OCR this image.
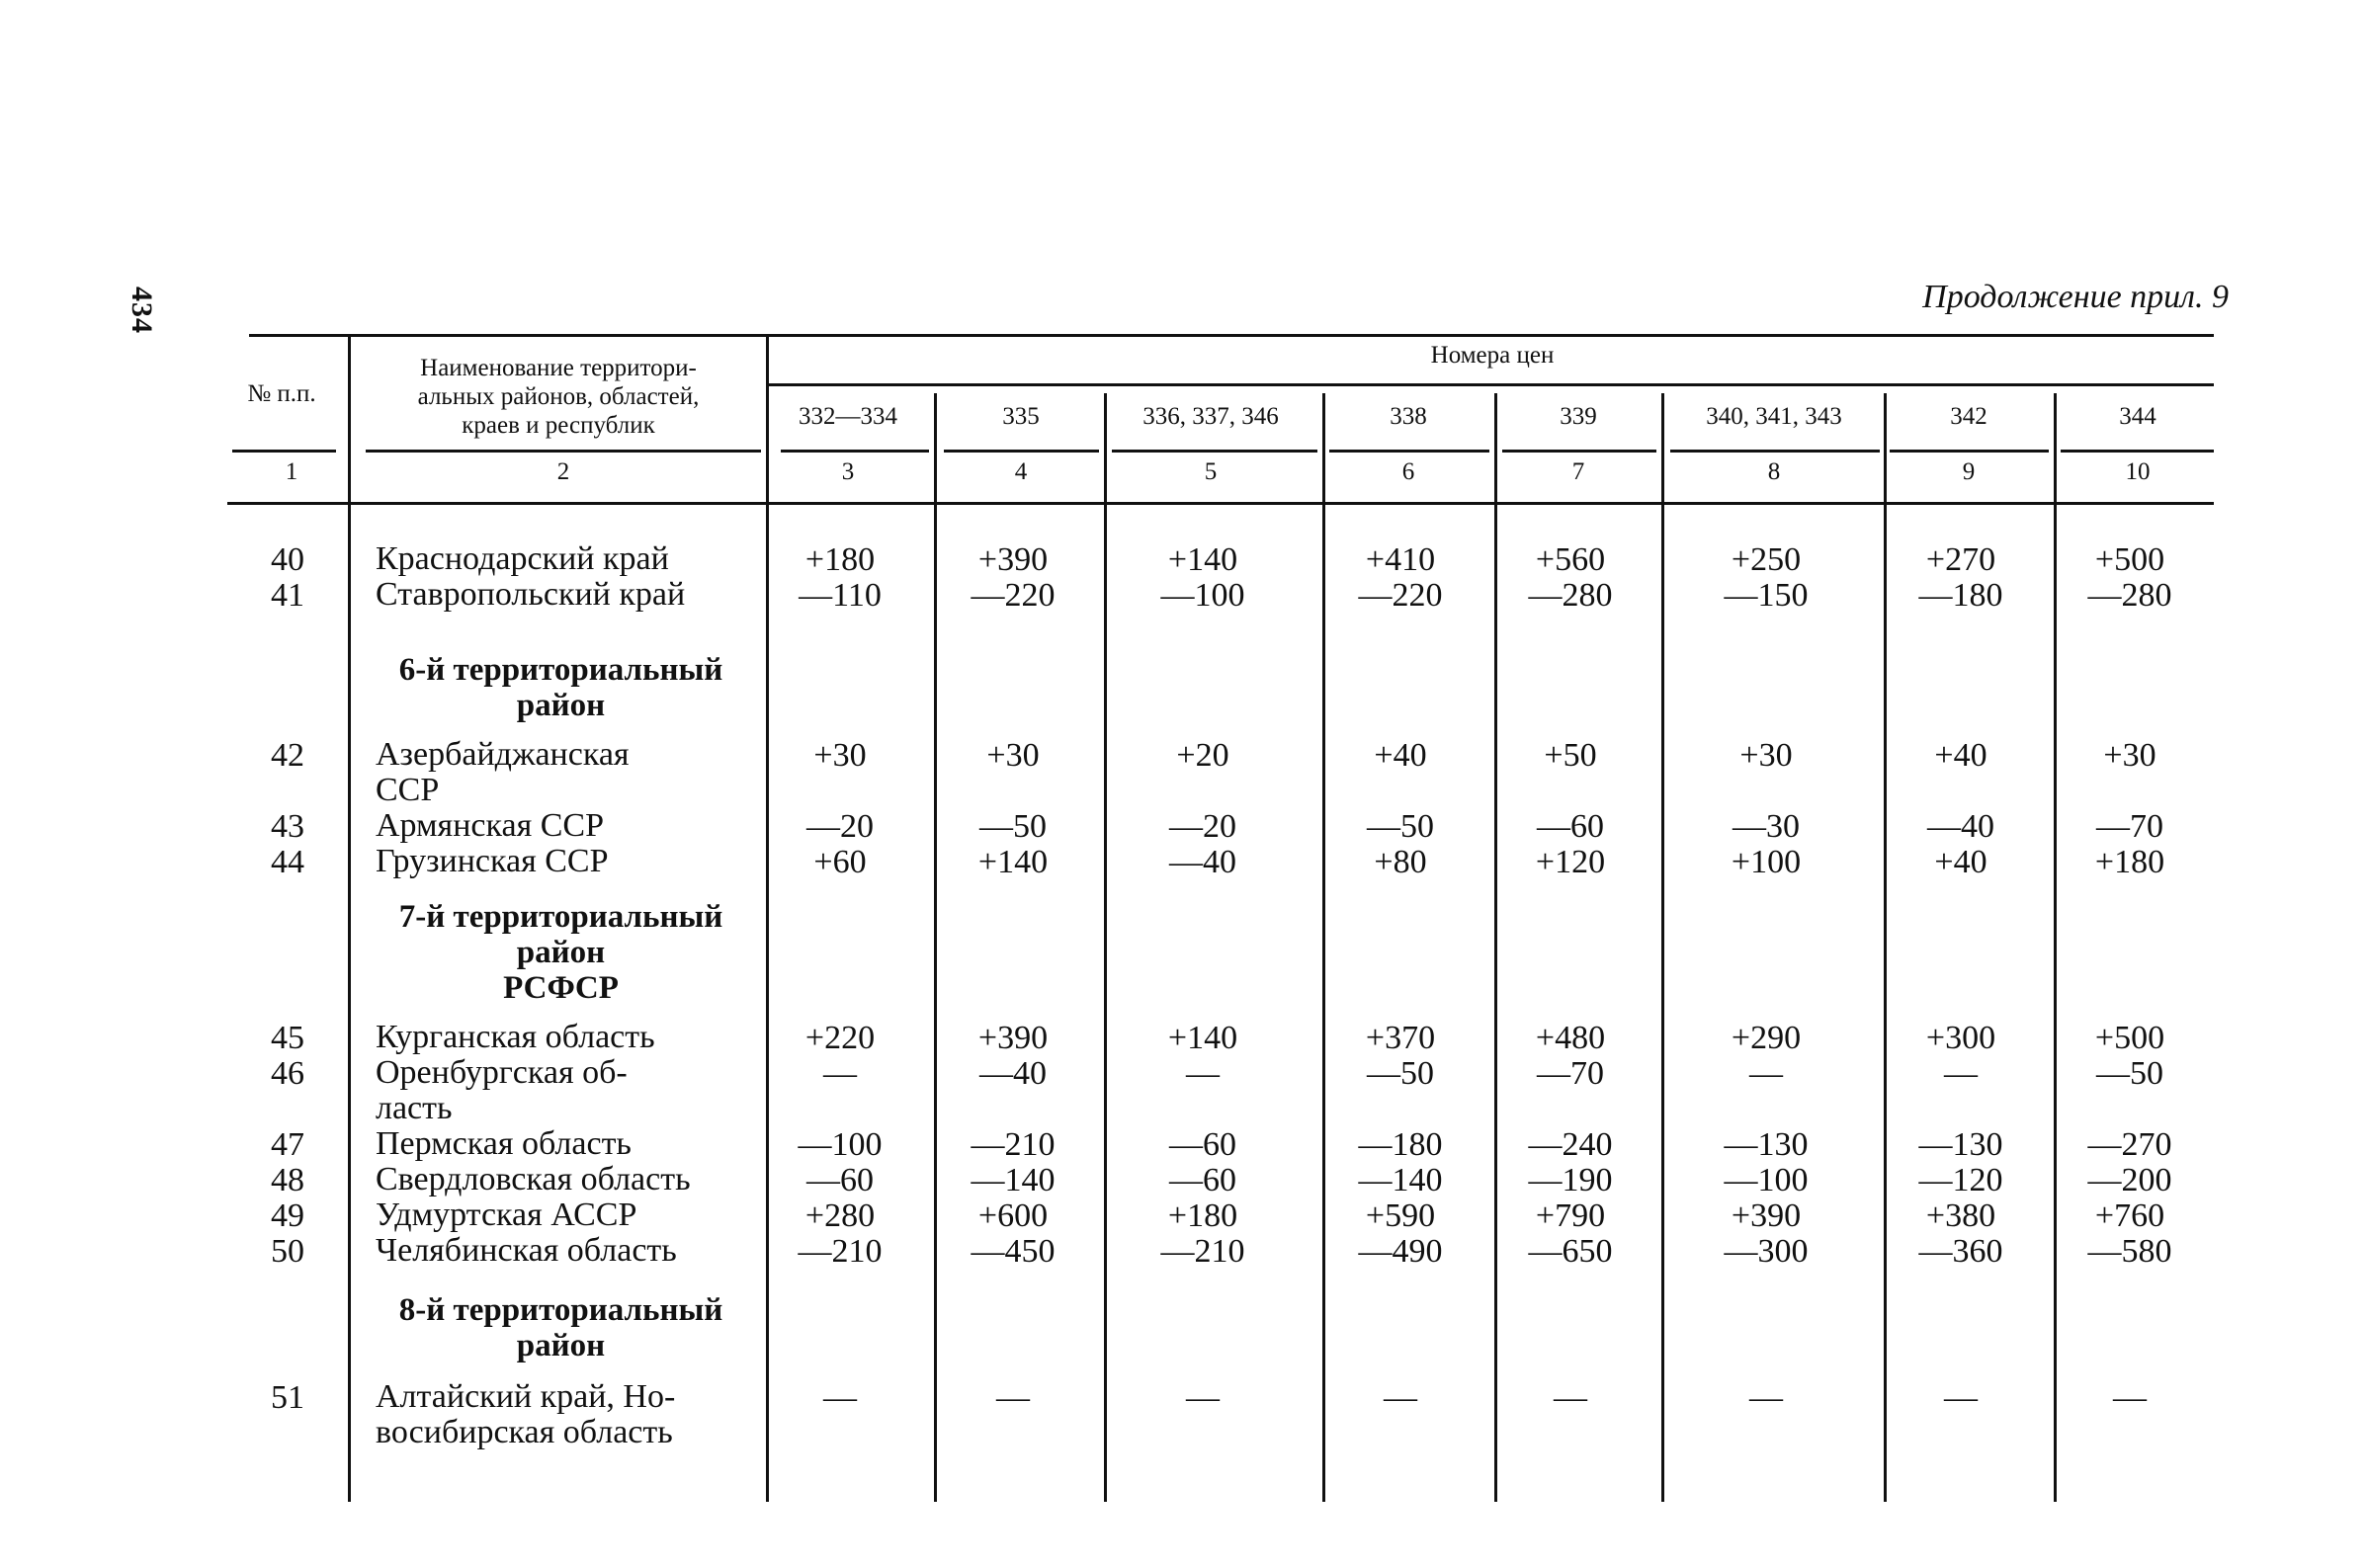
434	Продолжение прил. 9
№ п.п.
Наименование территори-
альных районов, областей,
краев и республик
Номера цен
332—334	335	336, 337, 346	338	339	340, 341, 343	342	344
1	2	3	4	5	6	7	8	9	10
40 Краснодарский край	+180	+390	+140	+410	+560	+250	+270	+500
41 Ставропольский край	—110	—220	—100	—220	—280	—150	—180	—280
6-й территориальный
район
42 Азербайджанская
ССР
+30	+30	+20	+40	+50	+30	+40	+30
43 Армянская ССР	—20	—50	—20	—50	—60	—30	—40	—70
44 Грузинская ССР	+60	+140	—40	+80	+120	+100	+40	+180
7-й территориальный
район
РСФСР
45 Курганская область	+220	+390	+140	+370	+480	+290	+300	+500
46 Оренбургская об-
ласть
—	—40	—	—50	—70	—	—	—50
47 Пермская область	—100	—210	—60	—180	—240	—130	—130	—270
48 Свердловская область	—60	—140	—60	—140	—190	—100	—120	—200
49 Удмуртская АССР	+280	+600	+180	+590	+790	+390	+380	+760
50 Челябинская область	—210	—450	—210	—490	—650	—300	—360	—580
8-й территориальный
район
51 Алтайский край, Но-
восибирская область
—	—	—	—	—	—	—	—
